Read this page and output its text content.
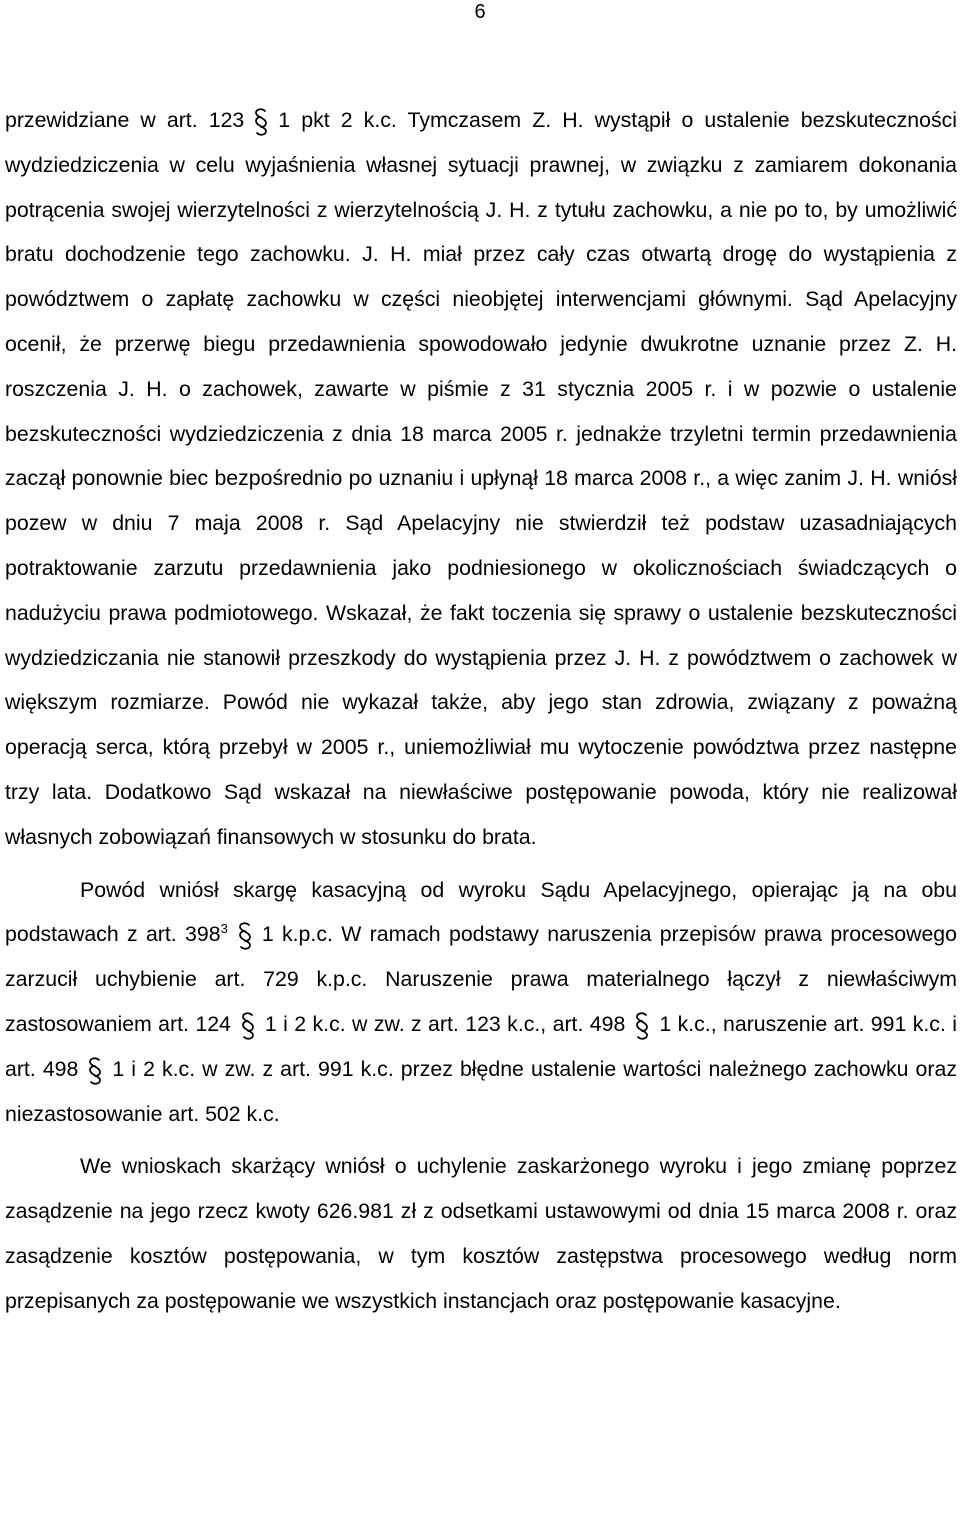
6

przewidziane w art. 123 1 pkt 2 k.c. Tymczasem Z. H. wystąpił o ustalenie bezskuteczności wydziedziczenia w celu wyjaśnienia własnej sytuacji prawnej, w związku z zamiarem dokonania potrącenia swojej wierzytelności z wierzytelnością J. H. z tytułu zachowku, a nie po to, by umożliwić bratu dochodzenie tego zachowku. J. H. miał przez cały czas otwartą drogę do wystąpienia z powództwem o zapłatę zachowku w części nieobjętej interwencjami głównymi. Sąd Apelacyjny ocenił, że przerwę biegu przedawnienia spowodowało jedynie dwukrotne uznanie przez Z. H. roszczenia J. H. o zachowek, zawarte w piśmie z 31 stycznia 2005 r. i w pozwie o ustalenie bezskuteczności wydziedziczenia z dnia 18 marca 2005 r. jednakże trzyletni termin przedawnienia zaczął ponownie biec bezpośrednio po uznaniu i upłynął 18 marca 2008 r., a więc zanim J. H. wniósł pozew w dniu 7 maja 2008 r. Sąd Apelacyjny nie stwierdził też podstaw uzasadniających potraktowanie zarzutu przedawnienia jako podniesionego w okolicznościach świadczących o nadużyciu prawa podmiotowego. Wskazał, że fakt toczenia się sprawy o ustalenie bezskuteczności wydziedziczania nie stanowił przeszkody do wystąpienia przez J. H. z powództwem o zachowek w większym rozmiarze. Powód nie wykazał także, aby jego stan zdrowia, związany z poważną operacją serca, którą przebył w 2005 r., uniemożliwiał mu wytoczenie powództwa przez następne trzy lata. Dodatkowo Sąd wskazał na niewłaściwe postępowanie powoda, który nie realizował własnych zobowiązań finansowych w stosunku do brata.

Powód wniósł skargę kasacyjną od wyroku Sądu Apelacyjnego, opierając ją na obu podstawach z art. $398^3$ 1 k.p.c. W ramach podstawy naruszenia przepisów prawa procesowego zarzucił uchybienie art. 729 k.p.c. Naruszenie prawa materialnego łączył z niewłaściwym zastosowaniem art. 124 1 i 2 k.c. w zw. z art. 123 k.c., art. 498 1 k.c., naruszenie art. 991 k.c. i art. 498 1 i 2 k.c. w zw. z art. 991 k.c. przez błędne ustalenie wartości należnego zachowku oraz niezastosowanie art. 502 k.c.

We wnioskach skarżący wniósł o uchylenie zaskarżonego wyroku i jego zmianę poprzez zasądzenie na jego rzecz kwoty 626.981 zł z odsetkami ustawowymi od dnia 15 marca 2008 r. oraz zasądzenie kosztów postępowania, w tym kosztów zastępstwa procesowego według norm przepisanych za postępowanie we wszystkich instancjach oraz postępowanie kasacyjne.
